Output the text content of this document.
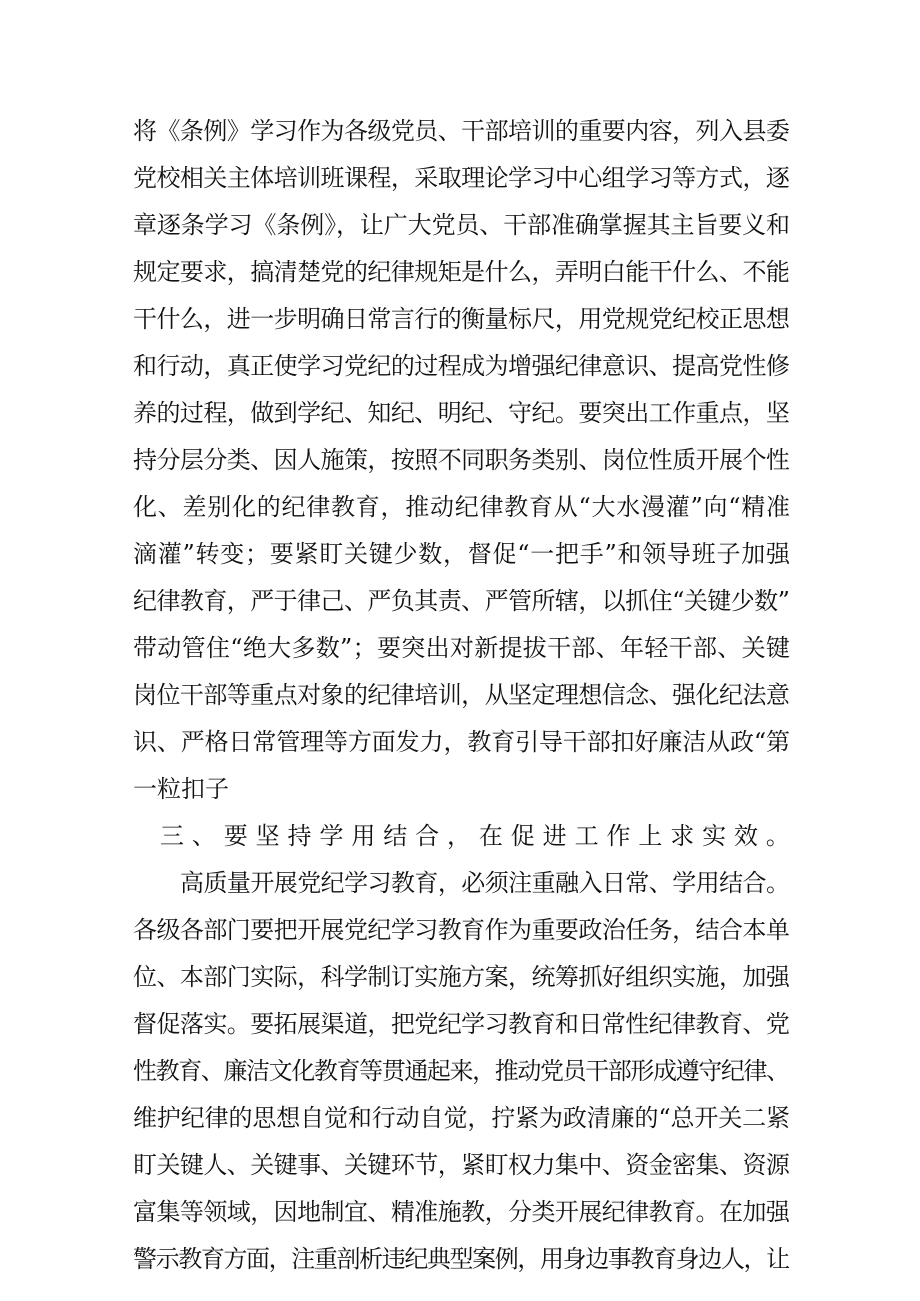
将《条例》学习作为各级党员、干部培训的重要内容，列入县委
党校相关主体培训班课程，采取理论学习中心组学习等方式，逐
章逐条学习《条例》，让广大党员、干部准确掌握其主旨要义和
规定要求，搞清楚党的纪律规矩是什么，弄明白能干什么、不能
干什么，进一步明确日常言行的衡量标尺，用党规党纪校正思想
和行动，真正使学习党纪的过程成为增强纪律意识、提高党性修
养的过程，做到学纪、知纪、明纪、守纪。要突出工作重点，坚
持分层分类、因人施策，按照不同职务类别、岗位性质开展个性
化、差别化的纪律教育，推动纪律教育从“大水漫灌”向“精准
滴灌”转变；要紧盯关键少数，督促“一把手”和领导班子加强
纪律教育，严于律己、严负其责、严管所辖，以抓住“关键少数”
带动管住“绝大多数”；要突出对新提拔干部、年轻干部、关键
岗位干部等重点对象的纪律培训，从坚定理想信念、强化纪法意
识、严格日常管理等方面发力，教育引导干部扣好廉洁从政“第
一粒扣子
三、要坚持学用结合，在促进工作上求实效。
高质量开展党纪学习教育，必须注重融入日常、学用结合。
各级各部门要把开展党纪学习教育作为重要政治任务，结合本单
位、本部门实际，科学制订实施方案，统筹抓好组织实施，加强
督促落实。要拓展渠道，把党纪学习教育和日常性纪律教育、党
性教育、廉洁文化教育等贯通起来，推动党员干部形成遵守纪律、
维护纪律的思想自觉和行动自觉，拧紧为政清廉的“总开关二紧
盯关键人、关键事、关键环节，紧盯权力集中、资金密集、资源
富集等领域，因地制宜、精准施教，分类开展纪律教育。在加强
警示教育方面，注重剖析违纪典型案例，用身边事教育身边人，让
